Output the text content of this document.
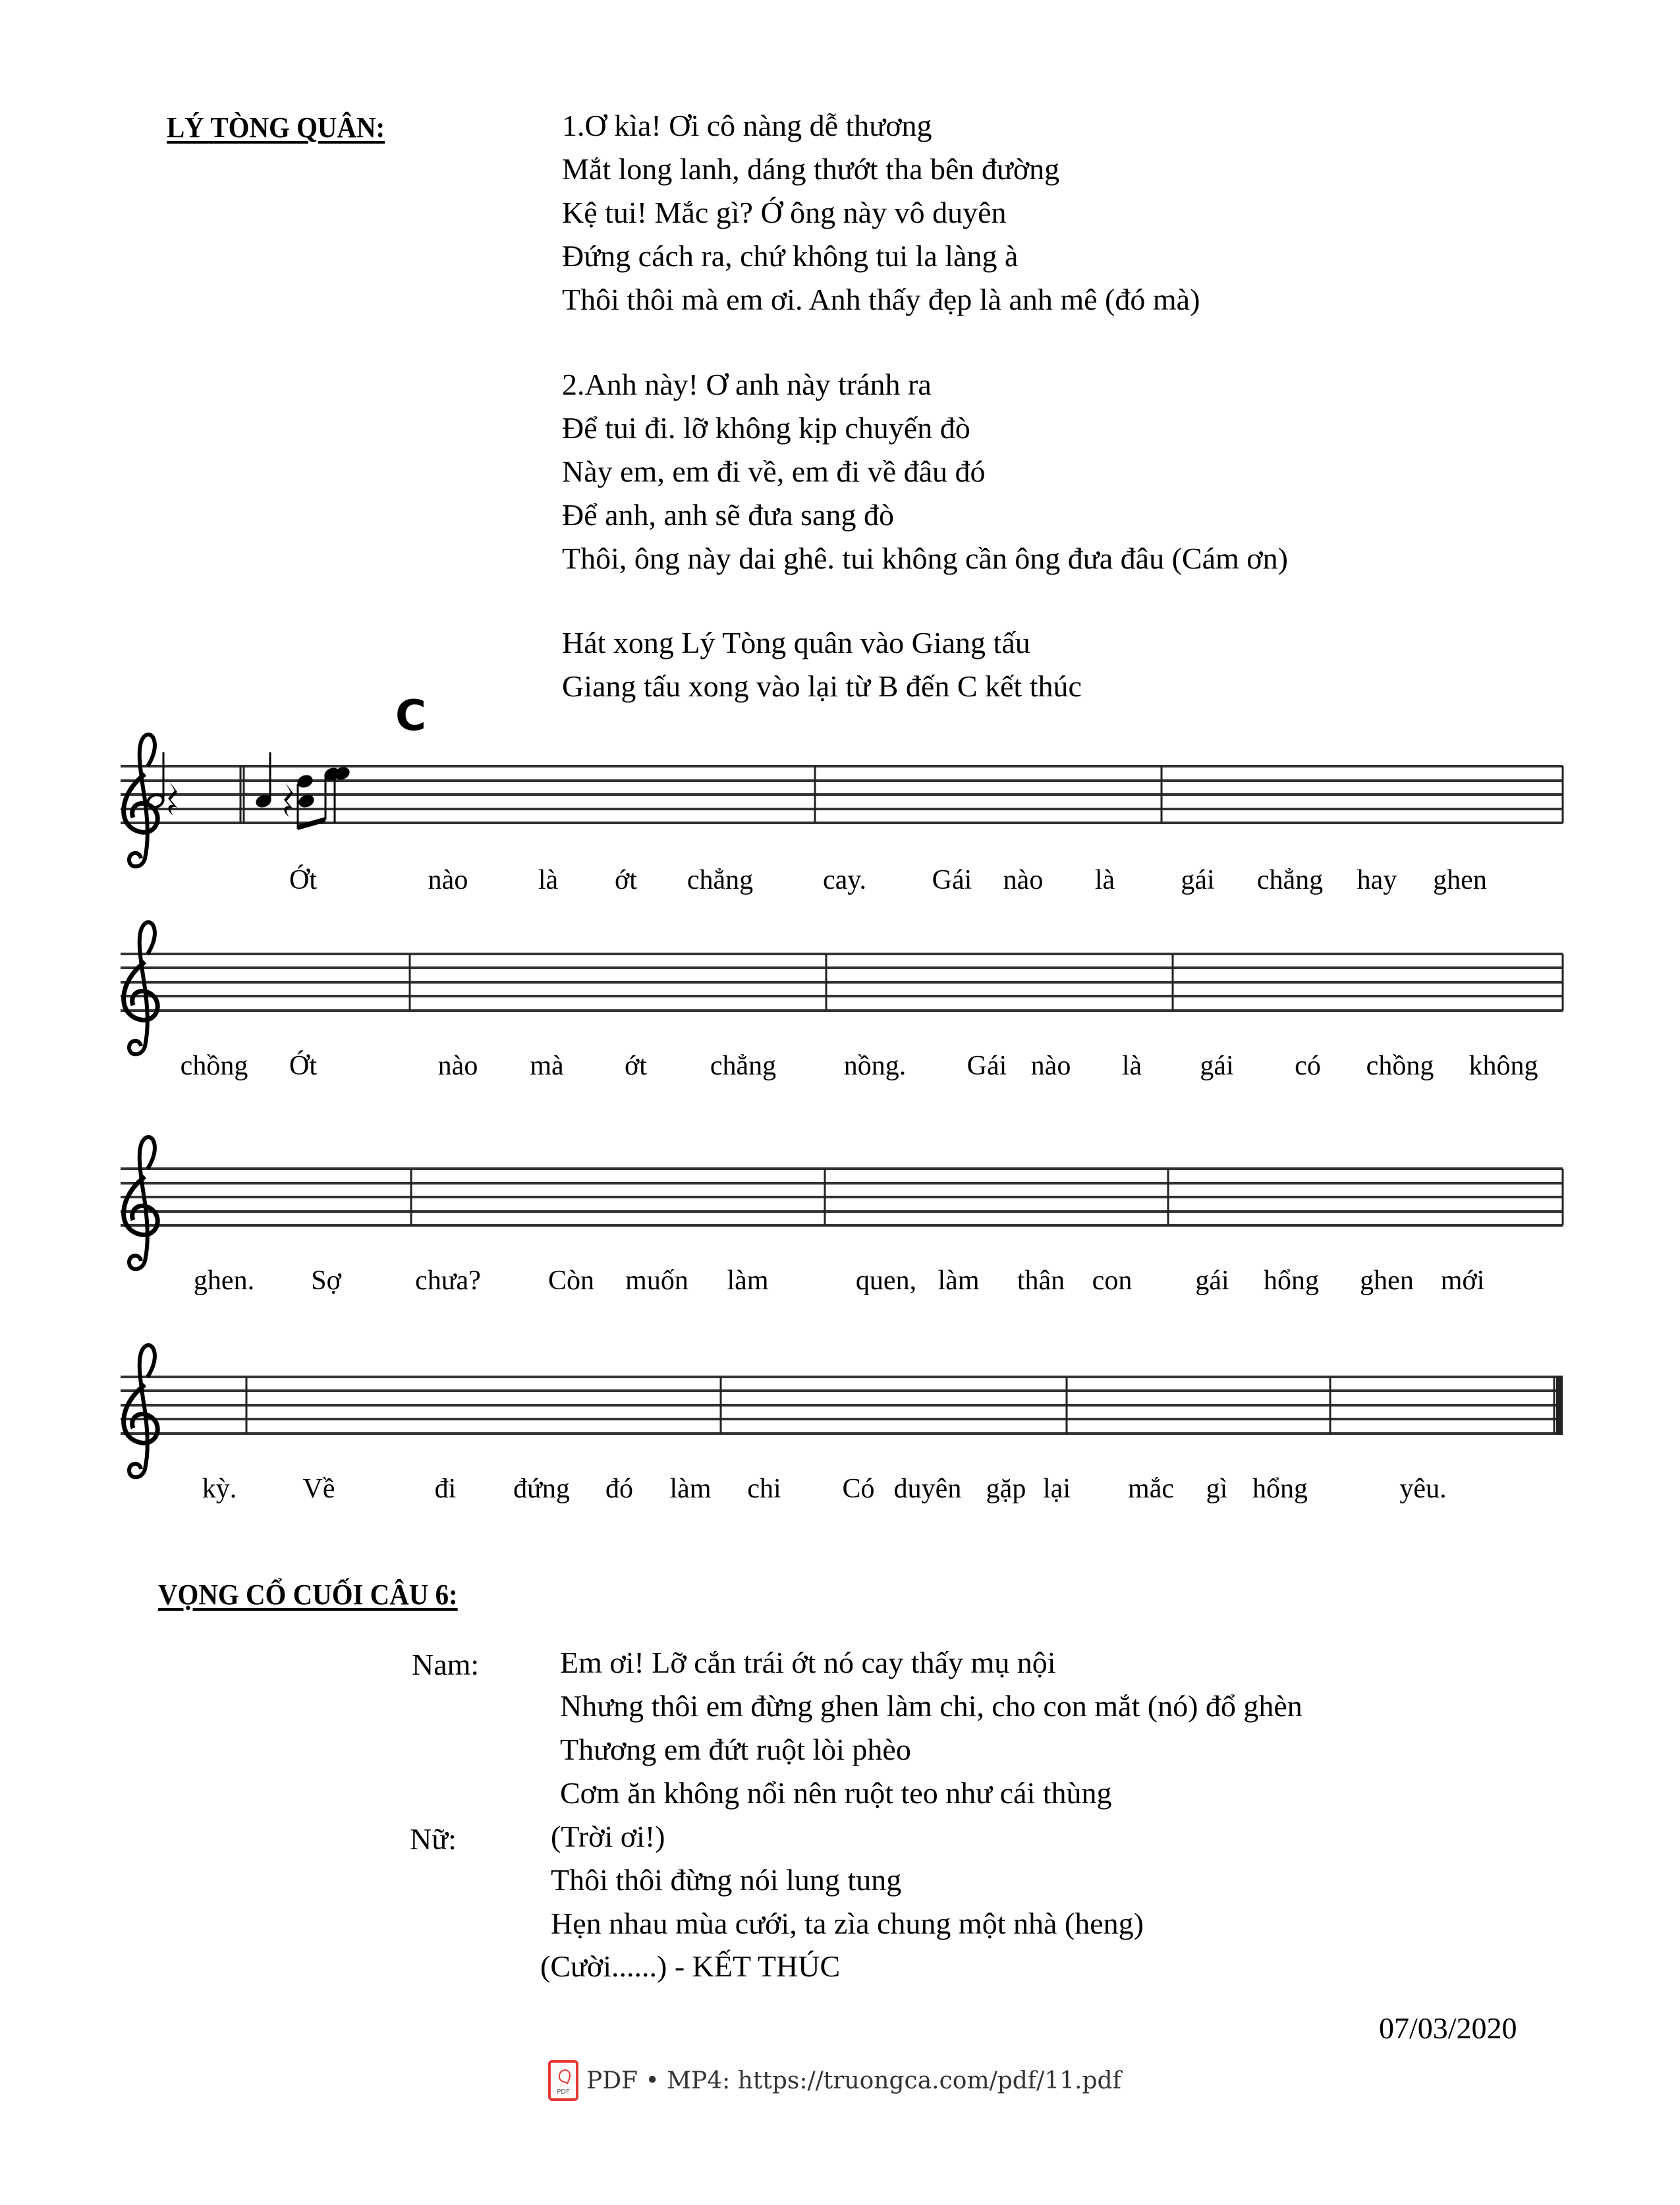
LÝ TÒNG QUÂN:	1.Ơ kìa! Ơi cô nàng dễ thương
Mắt long lanh, dáng thướt tha bên đường
Kệ tui! Mắc gì? Ớ ông này vô duyên
Đứng cách ra, chứ không tui la làng à
Thôi thôi mà em ơi. Anh thấy đẹp là anh mê (đó mà)
2.Anh này! Ơ anh này tránh ra
Để tui đi. lỡ không kịp chuyến đò
Này em, em đi về, em đi về đâu đó
Để anh, anh sẽ đưa sang đò
Thôi, ông này dai ghê. tui không cần ông đưa đâu (Cám ơn)
Hát xong Lý Tòng quân vào Giang tấu
Giang tấu xong vào lại từ B đến C kết thúc
C
Ớt	nào	là ớt chẳng	cay. Gái nào là gái chẳng hay ghen
chồng Ớt	nào mà ớt chẳng nồng. Gái nào là gái có chồng không
ghen. Sợ	chưa? Còn muốn làm	quen, làm thân con gái hổng ghen mới
kỳ. Về	đi đứng đó làm chi Có duyên gặp lại mắc gì hổng	yêu.
VỌNG CỔ CUỐI CÂU 6:
Nam:	Em ơi! Lỡ cắn trái ớt nó cay thấy mụ nội
Nhưng thôi em đừng ghen làm chi, cho con mắt (nó) đổ ghèn
Thương em đứt ruột lòi phèo
Cơm ăn không nổi nên ruột teo như cái thùng
Nữ:	(Trời ơi!)
Thôi thôi đừng nói lung tung
Hẹn nhau mùa cưới, ta zìa chung một nhà (heng)
(Cười......) - KẾT THÚC
07/03/2020
PDF PDF • MP4: https://truongca.com/pdf/11.pdf
